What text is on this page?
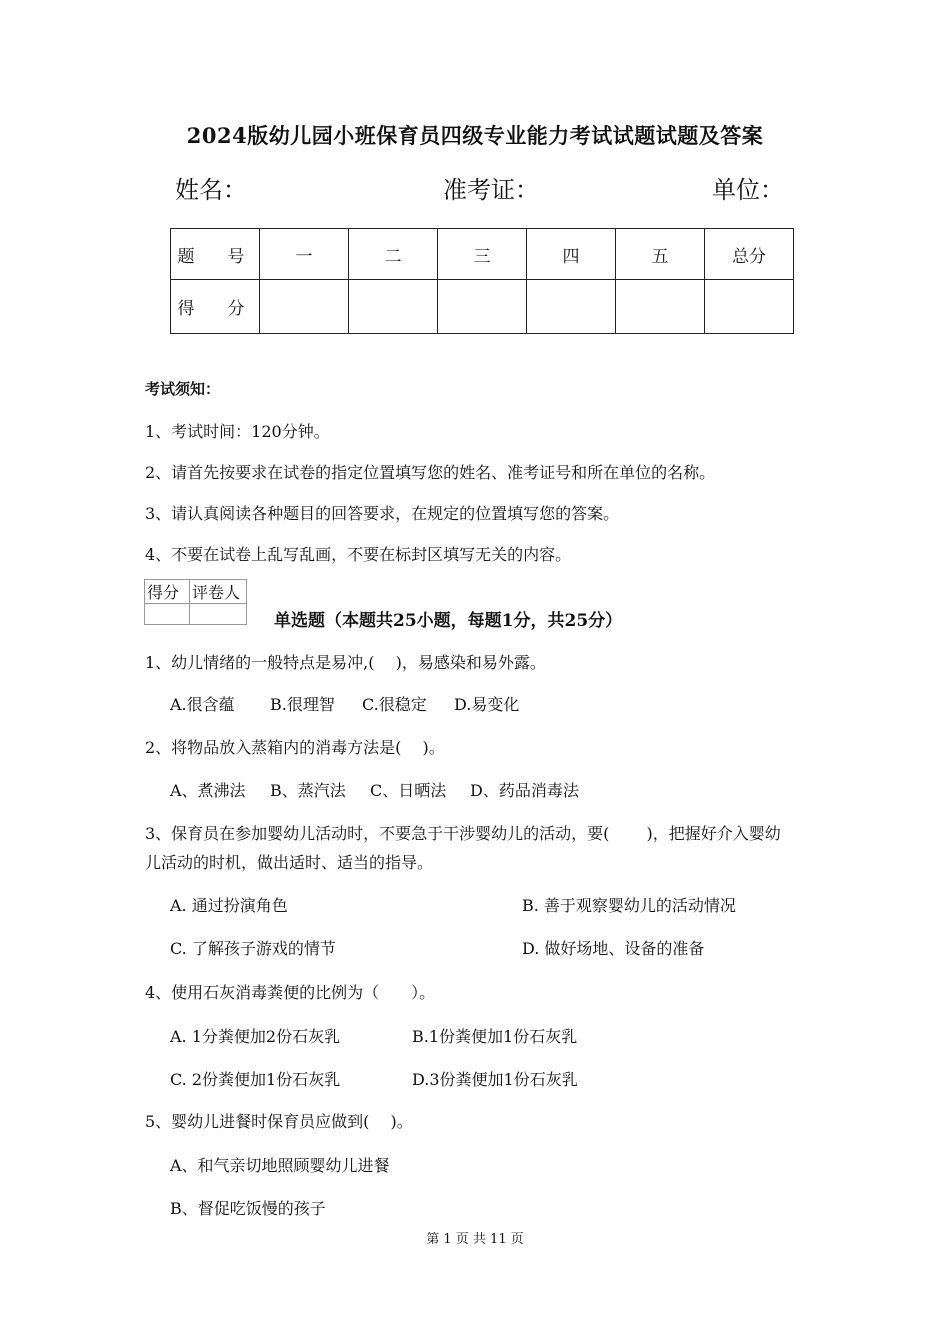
2024版幼儿园小班保育员四级专业能力考试试题试题及答案
姓名：	准考证：	单位：
题　号	一	二	三	四	五	总分
得　分						
考试须知：
1、考试时间：120分钟。
2、请首先按要求在试卷的指定位置填写您的姓名、准考证号和所在单位的名称。
3、请认真阅读各种题目的回答要求，在规定的位置填写您的答案。
4、不要在试卷上乱写乱画，不要在标封区填写无关的内容。
得分	评卷人

单选题（本题共25小题，每题1分，共25分）
1、幼儿情绪的一般特点是易冲,(　 )，易感染和易外露。
A.很含蕴 B.很理智 C.很稳定 D.易变化
2、将物品放入蒸箱内的消毒方法是(　 )。
A、煮沸法 B、蒸汽法 C、日晒法 D、药品消毒法
3、保育员在参加婴幼儿活动时，不要急于干涉婴幼儿的活动，要(　　 )，把握好介入婴幼
儿活动的时机，做出适时、适当的指导。
A. 通过扮演角色	B. 善于观察婴幼儿的活动情况
C. 了解孩子游戏的情节	D. 做好场地、设备的准备
4、使用石灰消毒粪便的比例为（　　）。
A. 1分粪便加2份石灰乳	B.1份粪便加1份石灰乳
C. 2份粪便加1份石灰乳	D.3份粪便加1份石灰乳
5、婴幼儿进餐时保育员应做到(　 )。
A、和气亲切地照顾婴幼儿进餐
B、督促吃饭慢的孩子
第 1 页 共 11 页
